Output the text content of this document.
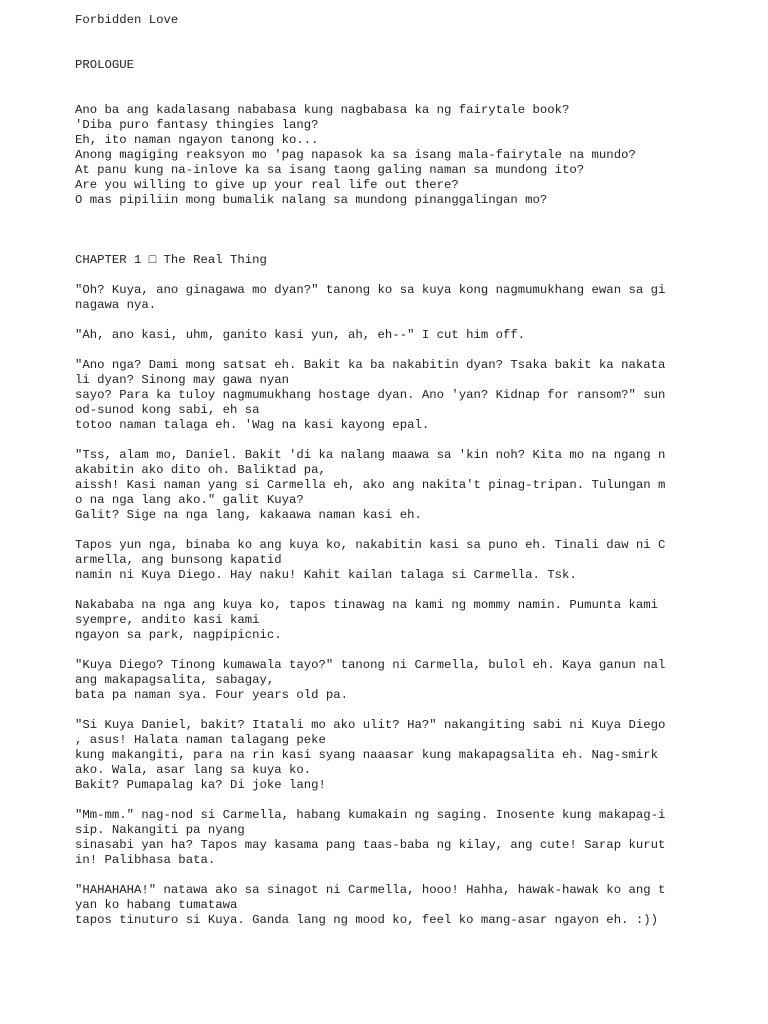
Forbidden Love
PROLOGUE
Ano ba ang kadalasang nababasa kung nagbabasa ka ng fairytale book?
'Diba puro fantasy thingies lang?
Eh, ito naman ngayon tanong ko...
Anong magiging reaksyon mo 'pag napasok ka sa isang mala-fairytale na mundo?
At panu kung na-inlove ka sa isang taong galing naman sa mundong ito?
Are you willing to give up your real life out there?
O mas pipiliin mong bumalik nalang sa mundong pinanggalingan mo?
CHAPTER 1 □ The Real Thing
"Oh? Kuya, ano ginagawa mo dyan?" tanong ko sa kuya kong nagmumukhang ewan sa gi
nagawa nya.
"Ah, ano kasi, uhm, ganito kasi yun, ah, eh--" I cut him off.
"Ano nga? Dami mong satsat eh. Bakit ka ba nakabitin dyan? Tsaka bakit ka nakata
li dyan? Sinong may gawa nyan
sayo? Para ka tuloy nagmumukhang hostage dyan. Ano 'yan? Kidnap for ransom?" sun
od-sunod kong sabi, eh sa
totoo naman talaga eh. 'Wag na kasi kayong epal.
"Tss, alam mo, Daniel. Bakit 'di ka nalang maawa sa 'kin noh? Kita mo na ngang n
akabitin ako dito oh. Baliktad pa,
aissh! Kasi naman yang si Carmella eh, ako ang nakita't pinag-tripan. Tulungan m
o na nga lang ako." galit Kuya?
Galit? Sige na nga lang, kakaawa naman kasi eh.
Tapos yun nga, binaba ko ang kuya ko, nakabitin kasi sa puno eh. Tinali daw ni C
armella, ang bunsong kapatid
namin ni Kuya Diego. Hay naku! Kahit kailan talaga si Carmella. Tsk.
Nakababa na nga ang kuya ko, tapos tinawag na kami ng mommy namin. Pumunta kami
syempre, andito kasi kami
ngayon sa park, nagpipicnic.
"Kuya Diego? Tinong kumawala tayo?" tanong ni Carmella, bulol eh. Kaya ganun nal
ang makapagsalita, sabagay,
bata pa naman sya. Four years old pa.
"Si Kuya Daniel, bakit? Itatali mo ako ulit? Ha?" nakangiting sabi ni Kuya Diego
, asus! Halata naman talagang peke
kung makangiti, para na rin kasi syang naaasar kung makapagsalita eh. Nag-smirk
ako. Wala, asar lang sa kuya ko.
Bakit? Pumapalag ka? Di joke lang!
"Mm-mm." nag-nod si Carmella, habang kumakain ng saging. Inosente kung makapag-i
sip. Nakangiti pa nyang
sinasabi yan ha? Tapos may kasama pang taas-baba ng kilay, ang cute! Sarap kurut
in! Palibhasa bata.
"HAHAHAHA!" natawa ako sa sinagot ni Carmella, hooo! Hahha, hawak-hawak ko ang t
yan ko habang tumatawa
tapos tinuturo si Kuya. Ganda lang ng mood ko, feel ko mang-asar ngayon eh. :))
